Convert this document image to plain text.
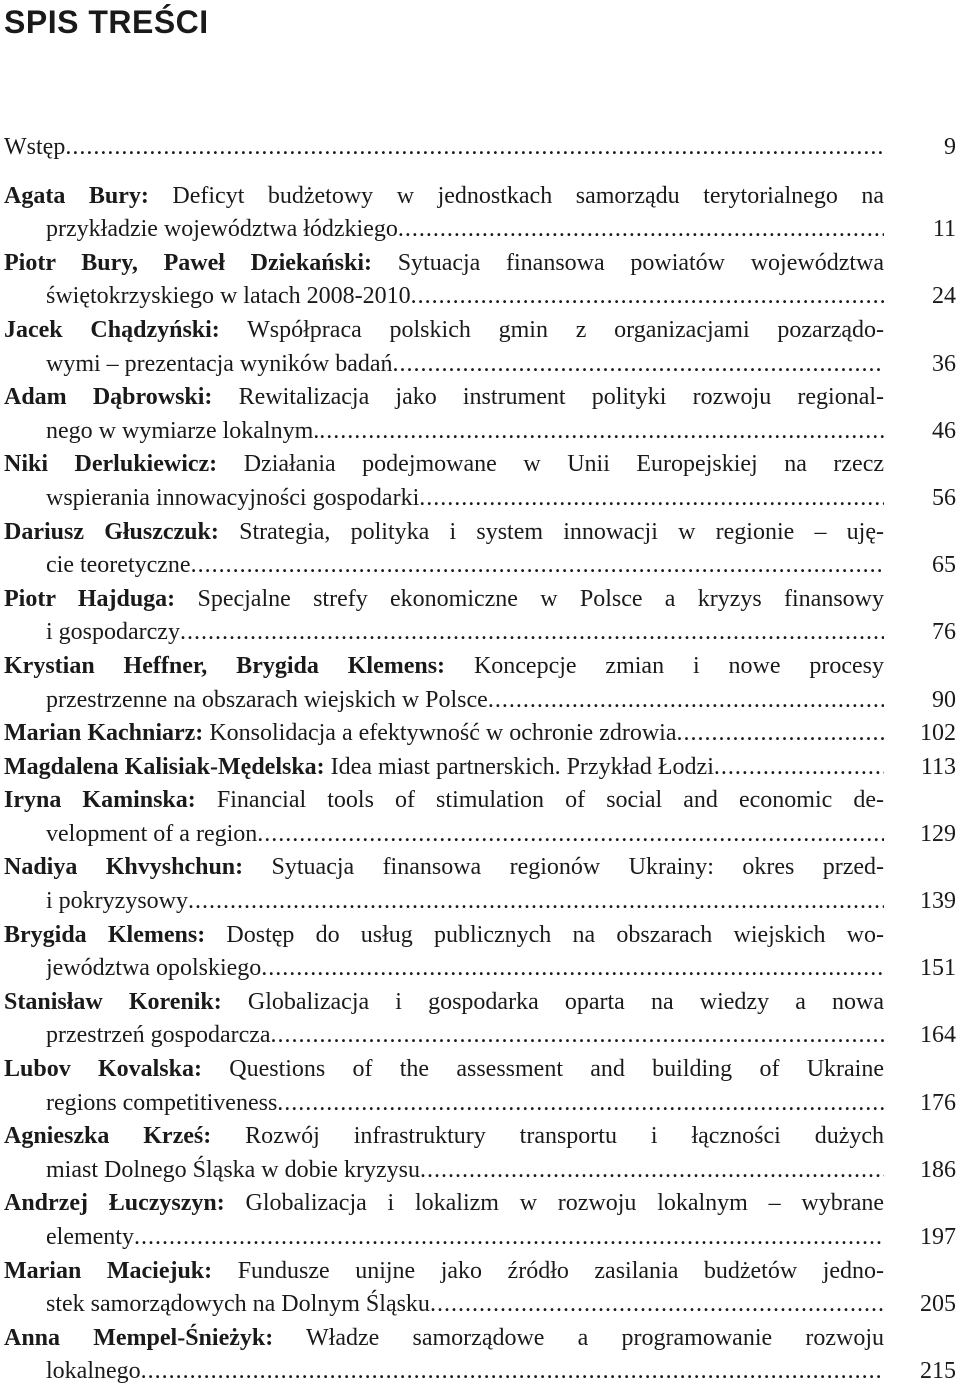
SPIS TREŚCI
Wstęp .....	9
Agata Bury: Deficyt budżetowy w jednostkach samorządu terytorialnego na
przykładzie województwa łódzkiego .....	11
Piotr Bury, Paweł Dziekański: Sytuacja finansowa powiatów województwa
świętokrzyskiego w latach 2008-2010 .....	24
Jacek Chądzyński: Współpraca polskich gmin z organizacjami pozarządo-
wymi – prezentacja wyników badań .....	36
Adam Dąbrowski: Rewitalizacja jako instrument polityki rozwoju regional-
nego w wymiarze lokalnym. .....	46
Niki Derlukiewicz: Działania podejmowane w Unii Europejskiej na rzecz
wspierania innowacyjności gospodarki .....	56
Dariusz Głuszczuk: Strategia, polityka i system innowacji w regionie – uję-
cie teoretyczne .....	65
Piotr Hajduga: Specjalne strefy ekonomiczne w Polsce a kryzys finansowy
i gospodarczy .....	76
Krystian Heffner, Brygida Klemens: Koncepcje zmian i nowe procesy
przestrzenne na obszarach wiejskich w Polsce .....	90
Marian Kachniarz:
Konsolidacja a efektywność w ochronie zdrowia .....	102
Magdalena Kalisiak-Mędelska:
Idea miast partnerskich. Przykład Łodzi .....	113
Iryna Kaminska: Financial tools of stimulation of social and economic de-
velopment of a region .....	129
Nadiya Khvyshchun: Sytuacja finansowa regionów Ukrainy: okres przed-
i pokryzysowy .....	139
Brygida Klemens: Dostęp do usług publicznych na obszarach wiejskich wo-
jewództwa opolskiego .....	151
Stanisław Korenik: Globalizacja i gospodarka oparta na wiedzy a nowa
przestrzeń gospodarcza .....	164
Lubov Kovalska: Questions of the assessment and building of Ukraine
regions competitiveness .....	176
Agnieszka Krześ: Rozwój infrastruktury transportu i łączności dużych
miast Dolnego Śląska w dobie kryzysu .....	186
Andrzej Łuczyszyn: Globalizacja i lokalizm w rozwoju lokalnym – wybrane
elementy .....	197
Marian Maciejuk: Fundusze unijne jako źródło zasilania budżetów jedno-
stek samorządowych na Dolnym Śląsku .....	205
Anna Mempel-Śnieżyk: Władze samorządowe a programowanie rozwoju
lokalnego .....	215
